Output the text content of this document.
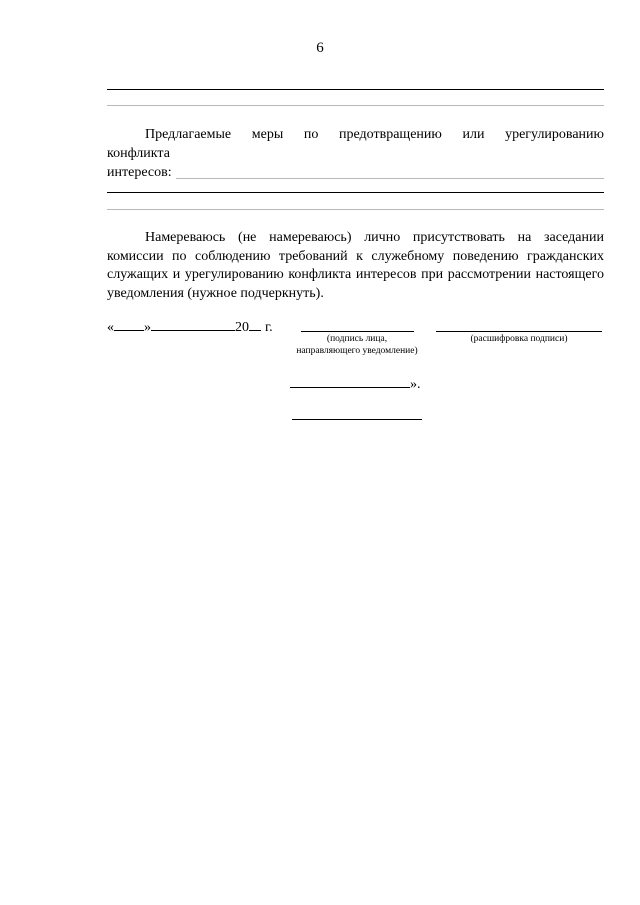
6
Предлагаемые меры по предотвращению или урегулированию
конфликта
интересов:

Намереваюсь (не намереваюсь) лично присутствовать на заседании комиссии по соблюдению требований к служебному поведению гражданских служащих и урегулированию конфликта интересов при рассмотрении настоящего уведомления (нужное подчеркнуть).

« »	20 г.
(подпись лица,
направляющего уведомление)
(расшифровка подписи)
».
